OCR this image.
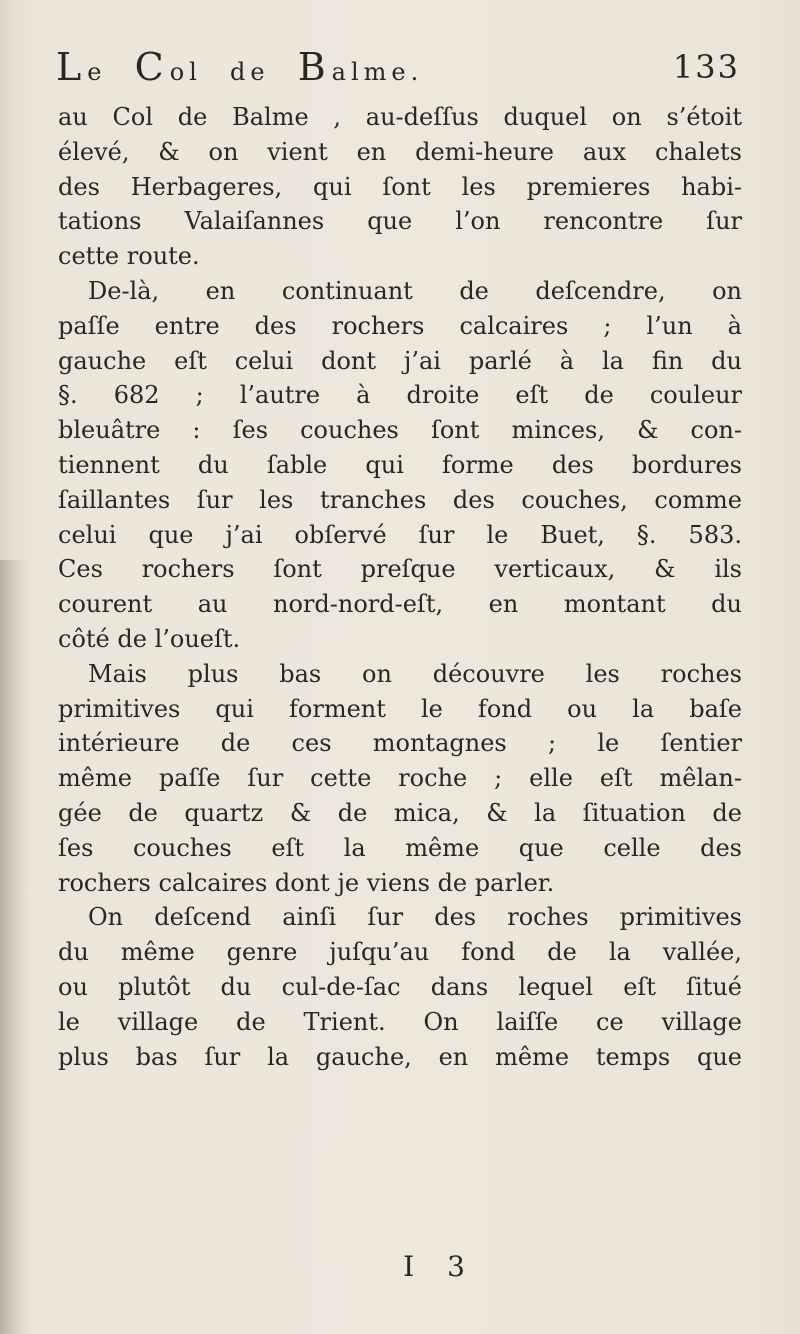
Le Col de Balme.	133
au Col de Balme , au-deſſus duquel on s’étoit
élevé, & on vient en demi-heure aux chalets
des Herbageres, qui ſont les premieres habi-
tations Valaiſannes que l’on rencontre ſur
cette route.
De-là, en continuant de deſcendre, on
paſſe entre des rochers calcaires ; l’un à
gauche eſt celui dont j’ai parlé à la fin du
§. 682 ; l’autre à droite eſt de couleur
bleuâtre : ſes couches ſont minces, & con-
tiennent du ſable qui forme des bordures
ſaillantes ſur les tranches des couches, comme
celui que j’ai obſervé ſur le Buet, §. 583.
Ces rochers ſont preſque verticaux, & ils
courent au nord-nord-eſt, en montant du
côté de l’oueſt.
Mais plus bas on découvre les roches
primitives qui forment le fond ou la baſe
intérieure de ces montagnes ; le ſentier
même paſſe ſur cette roche ; elle eſt mêlan-
gée de quartz & de mica, & la ſituation de
ſes couches eſt la même que celle des
rochers calcaires dont je viens de parler.
On deſcend ainſi ſur des roches primitives
du même genre juſqu’au fond de la vallée,
ou plutôt du cul-de-ſac dans lequel eſt ſitué
le village de Trient. On laiſſe ce village
plus bas ſur la gauche, en même temps que
I 3
